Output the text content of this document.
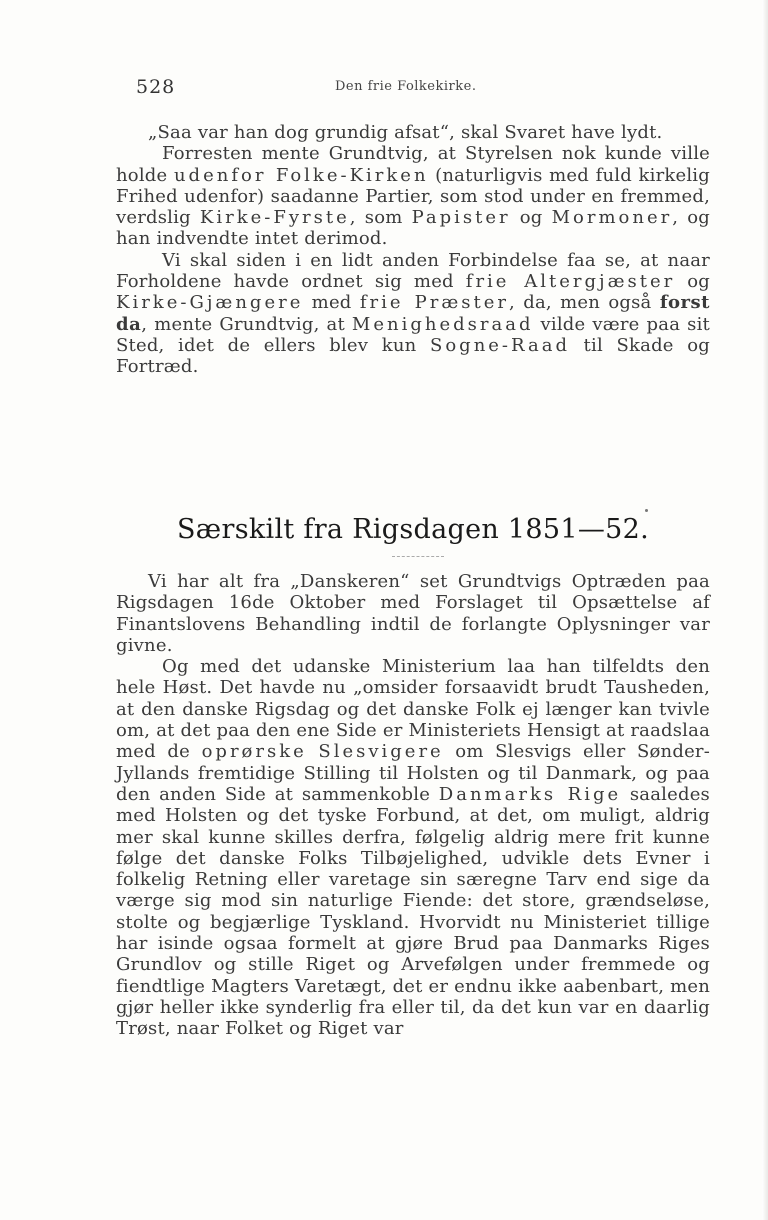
528	Den frie Folkekirke.

„Saa var han dog grundig afsat“, skal Svaret have lydt.

Forresten mente Grundtvig, at Styrelsen nok kunde ville holde udenfor Folke-Kirken (naturligvis med fuld kirkelig Frihed udenfor) saadanne Partier, som stod under en fremmed, verdslig Kirke-Fyrste, som Papister og Mormoner, og han indvendte intet derimod.

Vi skal siden i en lidt anden Forbindelse faa se, at naar Forholdene havde ordnet sig med frie Altergjæster og Kirke-Gjængere med frie Præster, da, men også forst da, mente Grundtvig, at Menighedsraad vilde være paa sit Sted, idet de ellers blev kun Sogne-Raad til Skade og Fortræd.

Særskilt fra Rigsdagen 1851—52.

Vi har alt fra „Danskeren“ set Grundtvigs Optræden paa Rigsdagen 16de Oktober med Forslaget til Opsættelse af Finantslovens Behandling indtil de forlangte Oplysninger var givne.

Og med det udanske Ministerium laa han tilfeldts den hele Høst. Det havde nu „omsider forsaavidt brudt Tausheden, at den danske Rigsdag og det danske Folk ej længer kan tvivle om, at det paa den ene Side er Ministeriets Hensigt at raadslaa med de oprørske Slesvigere om Slesvigs eller Sønder-Jyllands fremtidige Stilling til Holsten og til Danmark, og paa den anden Side at sammenkoble Danmarks Rige saaledes med Holsten og det tyske Forbund, at det, om muligt, aldrig mer skal kunne skilles derfra, følgelig aldrig mere frit kunne følge det danske Folks Tilbøjelighed, udvikle dets Evner i folkelig Retning eller varetage sin særegne Tarv end sige da værge sig mod sin naturlige Fiende: det store, grændseløse, stolte og begjærlige Tyskland. Hvorvidt nu Ministeriet tillige har isinde ogsaa formelt at gjøre Brud paa Danmarks Riges Grundlov og stille Riget og Arvefølgen under fremmede og fiendtlige Magters Varetægt, det er endnu ikke aabenbart, men gjør heller ikke synderlig fra eller til, da det kun var en daarlig Trøst, naar Folket og Riget var
